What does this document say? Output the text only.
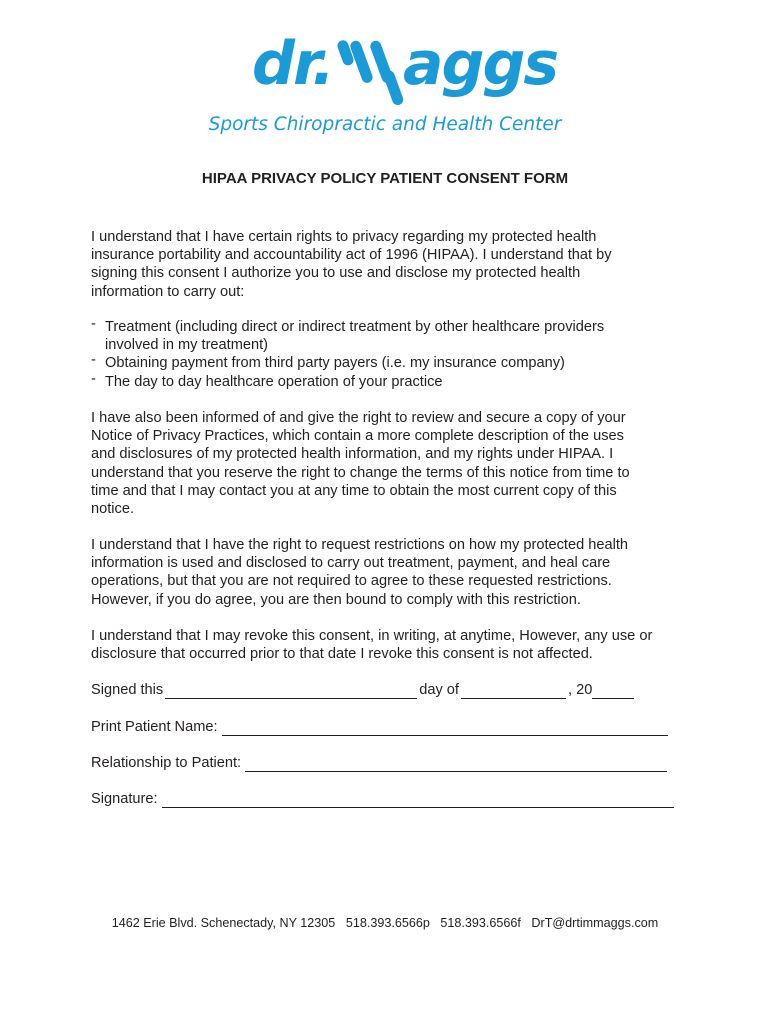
dr. aggs
Sports Chiropractic and Health Center
HIPAA PRIVACY POLICY PATIENT CONSENT FORM

I understand that I have certain rights to privacy regarding my protected health
insurance portability and accountability act of 1996 (HIPAA). I understand that by
signing this consent I authorize you to use and disclose my protected health
information to carry out:

- Treatment (including direct or indirect treatment by other healthcare providers
involved in my treatment)
- Obtaining payment from third party payers (i.e. my insurance company)
- The day to day healthcare operation of your practice

I have also been informed of and give the right to review and secure a copy of your
Notice of Privacy Practices, which contain a more complete description of the uses
and disclosures of my protected health information, and my rights under HIPAA. I
understand that you reserve the right to change the terms of this notice from time to
time and that I may contact you at any time to obtain the most current copy of this
notice.

I understand that I have the right to request restrictions on how my protected health
information is used and disclosed to carry out treatment, payment, and heal care
operations, but that you are not required to agree to these requested restrictions.
However, if you do agree, you are then bound to comply with this restriction.

I understand that I may revoke this consent, in writing, at anytime, However, any use or
disclosure that occurred prior to that date I revoke this consent is not affected.

Signed this	day of	, 20
Print Patient Name:
Relationship to Patient:
Signature:

1462 Erie Blvd. Schenectady, NY 12305 518.393.6566p 518.393.6566f DrT@drtimmaggs.com
